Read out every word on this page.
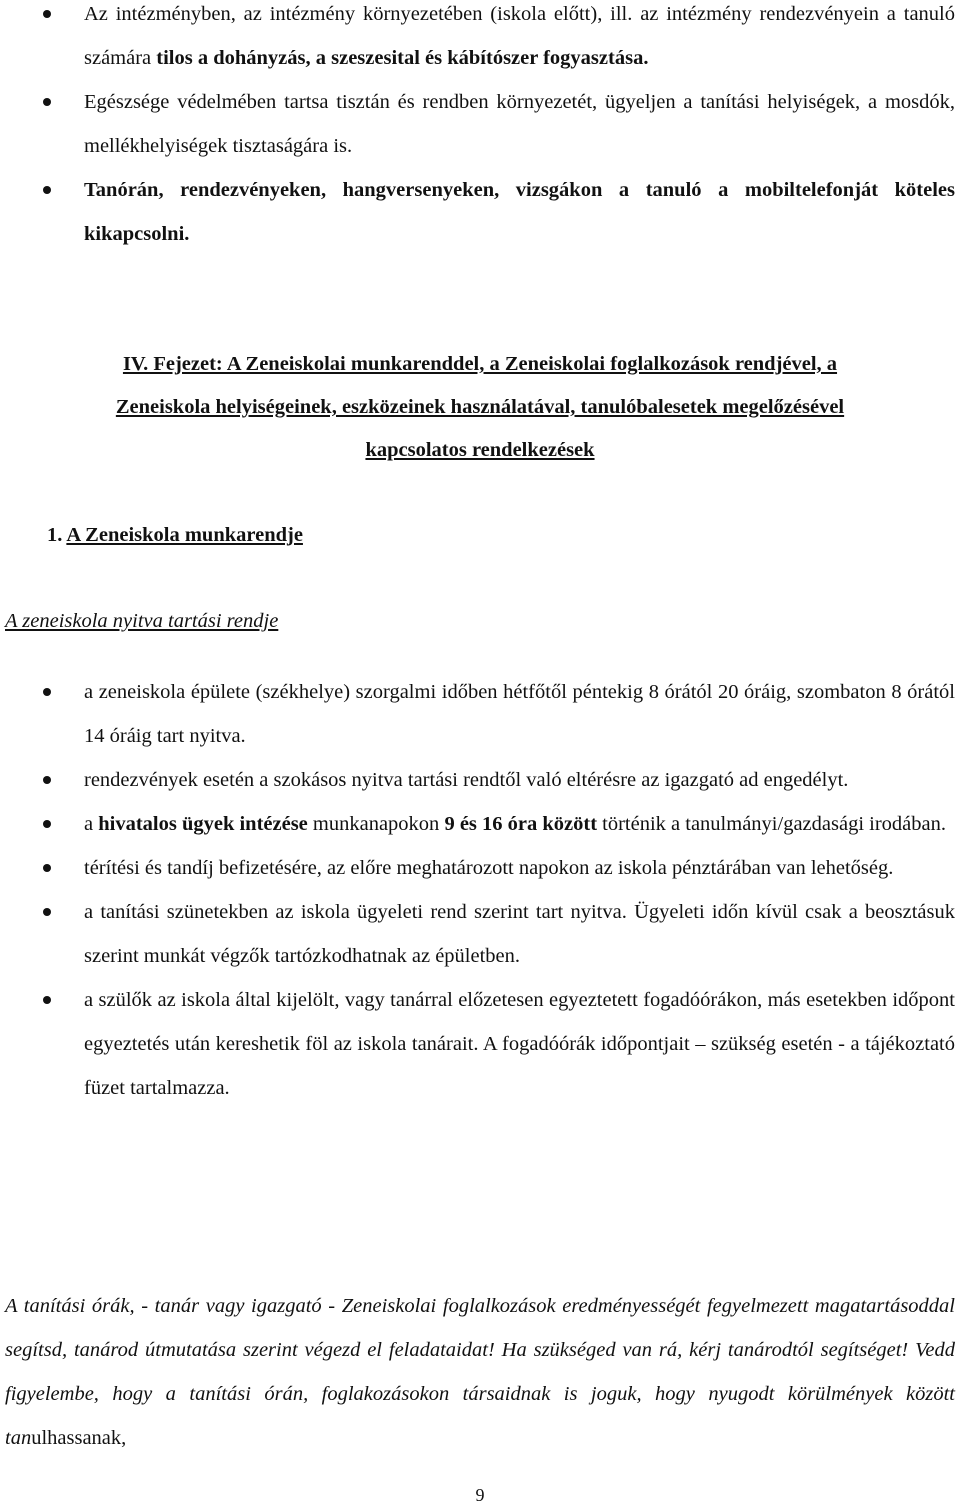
Az intézményben, az intézmény környezetében (iskola előtt), ill. az intézmény rendezvényein a tanuló számára tilos a dohányzás, a szeszesital és kábítószer fogyasztása.
Egészsége védelmében tartsa tisztán és rendben környezetét, ügyeljen a tanítási helyiségek, a mosdók, mellékhelyiségek tisztaságára is.
Tanórán, rendezvényeken, hangversenyeken, vizsgákon a tanuló a mobiltelefonját köteles kikapcsolni.
IV. Fejezet: A Zeneiskolai munkarenddel, a Zeneiskolai foglalkozások rendjével, a
Zeneiskola helyiségeinek, eszközeinek használatával, tanulóbalesetek megelőzésével
kapcsolatos rendelkezések
1. A Zeneiskola munkarendje
A zeneiskola nyitva tartási rendje
a zeneiskola épülete (székhelye) szorgalmi időben hétfőtől péntekig 8 órától 20 óráig, szombaton 8 órától 14 óráig tart nyitva.
rendezvények esetén a szokásos nyitva tartási rendtől való eltérésre az igazgató ad engedélyt.
a hivatalos ügyek intézése munkanapokon 9 és 16 óra között történik a tanulmányi/gazdasági irodában.
térítési és tandíj befizetésére, az előre meghatározott napokon az iskola pénztárában van lehetőség.
a tanítási szünetekben az iskola ügyeleti rend szerint tart nyitva. Ügyeleti időn kívül csak a beosztásuk szerint munkát végzők tartózkodhatnak az épületben.
a szülők az iskola által kijelölt, vagy tanárral előzetesen egyeztetett fogadóórákon, más esetekben időpont egyeztetés után kereshetik föl az iskola tanárait. A fogadóórák időpontjait – szükség esetén - a tájékoztató füzet tartalmazza.
A tanítási órák, - tanár vagy igazgató - Zeneiskolai foglalkozások eredményességét fegyelmezett magatartásoddal segítsd, tanárod útmutatása szerint végezd el feladataidat! Ha szükséged van rá, kérj tanárodtól segítséget! Vedd figyelembe, hogy a tanítási órán, foglakozásokon társaidnak is joguk, hogy nyugodt körülmények között tanulhassanak,
9
